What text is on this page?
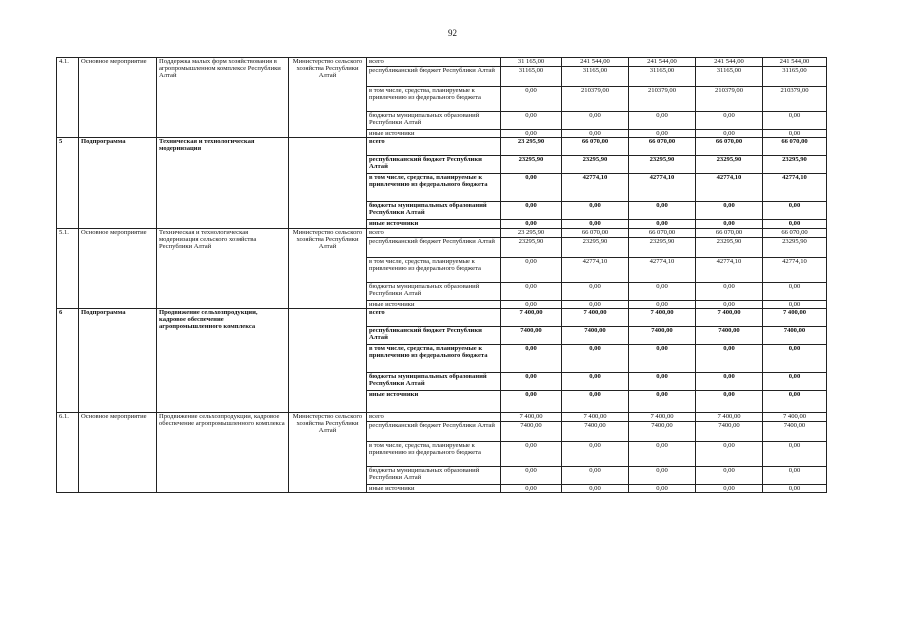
92
4.1.	Основное мероприятие	Поддержка малых форм хозяйствования в агропромышленном комплексе Республики Алтай	Министерство сельского хозяйства Республики Алтай	всего	31 165,00	241 544,00	241 544,00	241 544,00	241 544,00
				республиканский бюджет Республики Алтай	31165,00	31165,00	31165,00	31165,00	31165,00
				в том числе, средства, планируемые к привлечению из федерального бюджета	0,00	210379,00	210379,00	210379,00	210379,00
				бюджеты муниципальных образований Республики Алтай	0,00	0,00	0,00	0,00	0,00
				иные источники	0,00	0,00	0,00	0,00	0,00
5	Подпрограмма	Техническая и технологическая модернизация		всего	23 295,90	66 070,00	66 070,00	66 070,00	66 070,00
				республиканский бюджет Республики Алтай	23295,90	23295,90	23295,90	23295,90	23295,90
				в том числе, средства, планируемые к привлечению из федерального бюджета	0,00	42774,10	42774,10	42774,10	42774,10
				бюджеты муниципальных образований Республики Алтай	0,00	0,00	0,00	0,00	0,00
				иные источники	0,00	0,00	0,00	0,00	0,00
5.1.	Основное мероприятие	Техническая и технологическая модернизация сельского хозяйства Республики Алтай	Министерство сельского хозяйства Республики Алтай	всего	23 295,90	66 070,00	66 070,00	66 070,00	66 070,00
				республиканский бюджет Республики Алтай	23295,90	23295,90	23295,90	23295,90	23295,90
				в том числе, средства, планируемые к привлечению из федерального бюджета	0,00	42774,10	42774,10	42774,10	42774,10
				бюджеты муниципальных образований Республики Алтай	0,00	0,00	0,00	0,00	0,00
				иные источники	0,00	0,00	0,00	0,00	0,00
6	Подпрограмма	Продвижение сельхозпродукции, кадровое обеспечение агропромышленного комплекса		всего	7 400,00	7 400,00	7 400,00	7 400,00	7 400,00
				республиканский бюджет Республики Алтай	7400,00	7400,00	7400,00	7400,00	7400,00
				в том числе, средства, планируемые к привлечению из федерального бюджета	0,00	0,00	0,00	0,00	0,00
				бюджеты муниципальных образований Республики Алтай	0,00	0,00	0,00	0,00	0,00
				иные источники	0,00	0,00	0,00	0,00	0,00
6.1.	Основное мероприятие	Продвижение сельхозпродукции, кадровое обеспечение агропромышленного комплекса	Министерство сельского хозяйства Республики Алтай	всего	7 400,00	7 400,00	7 400,00	7 400,00	7 400,00
				республиканский бюджет Республики Алтай	7400,00	7400,00	7400,00	7400,00	7400,00
				в том числе, средства, планируемые к привлечению из федерального бюджета	0,00	0,00	0,00	0,00	0,00
				бюджеты муниципальных образований Республики Алтай	0,00	0,00	0,00	0,00	0,00
				иные источники	0,00	0,00	0,00	0,00	0,00
